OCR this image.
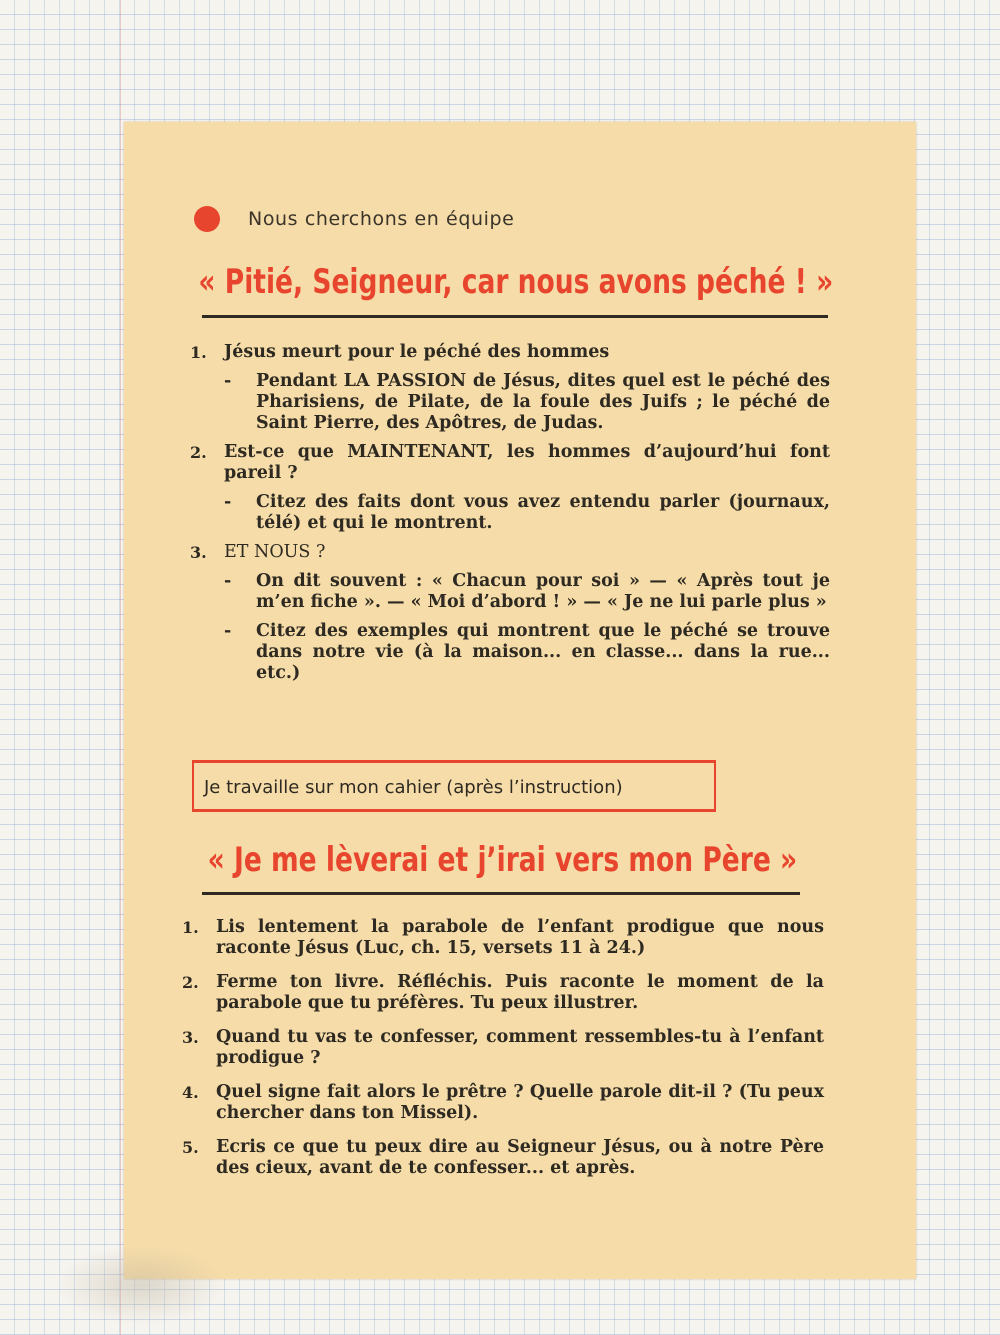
Nous cherchons en équipe
« Pitié, Seigneur, car nous avons péché ! »
1. Jésus meurt pour le péché des hommes
-	Pendant LA PASSION de Jésus, dites quel est le péché des Pharisiens, de Pilate, de la foule des Juifs ; le péché de Saint Pierre, des Apôtres, de Judas.
2. Est-ce que MAINTENANT, les hommes d’aujourd’hui font pareil ?
-	Citez des faits dont vous avez entendu parler (journaux, télé) et qui le montrent.
3. ET NOUS ?
-	On dit souvent : « Chacun pour soi » — « Après tout je m’en fiche ». — « Moi d’abord ! » — « Je ne lui parle plus »
-	Citez des exemples qui montrent que le péché se trouve dans notre vie (à la maison... en classe... dans la rue... etc.)
Je travaille sur mon cahier (après l’instruction)
« Je me lèverai et j’irai vers mon Père »
1. Lis lentement la parabole de l’enfant prodigue que nous raconte Jésus (Luc, ch. 15, versets 11 à 24.)
2. Ferme ton livre. Réfléchis. Puis raconte le moment de la parabole que tu préfères. Tu peux illustrer.
3. Quand tu vas te confesser, comment ressembles-tu à l’enfant prodigue ?
4. Quel signe fait alors le prêtre ? Quelle parole dit-il ? (Tu peux chercher dans ton Missel).
5. Ecris ce que tu peux dire au Seigneur Jésus, ou à notre Père des cieux, avant de te confesser... et après.
